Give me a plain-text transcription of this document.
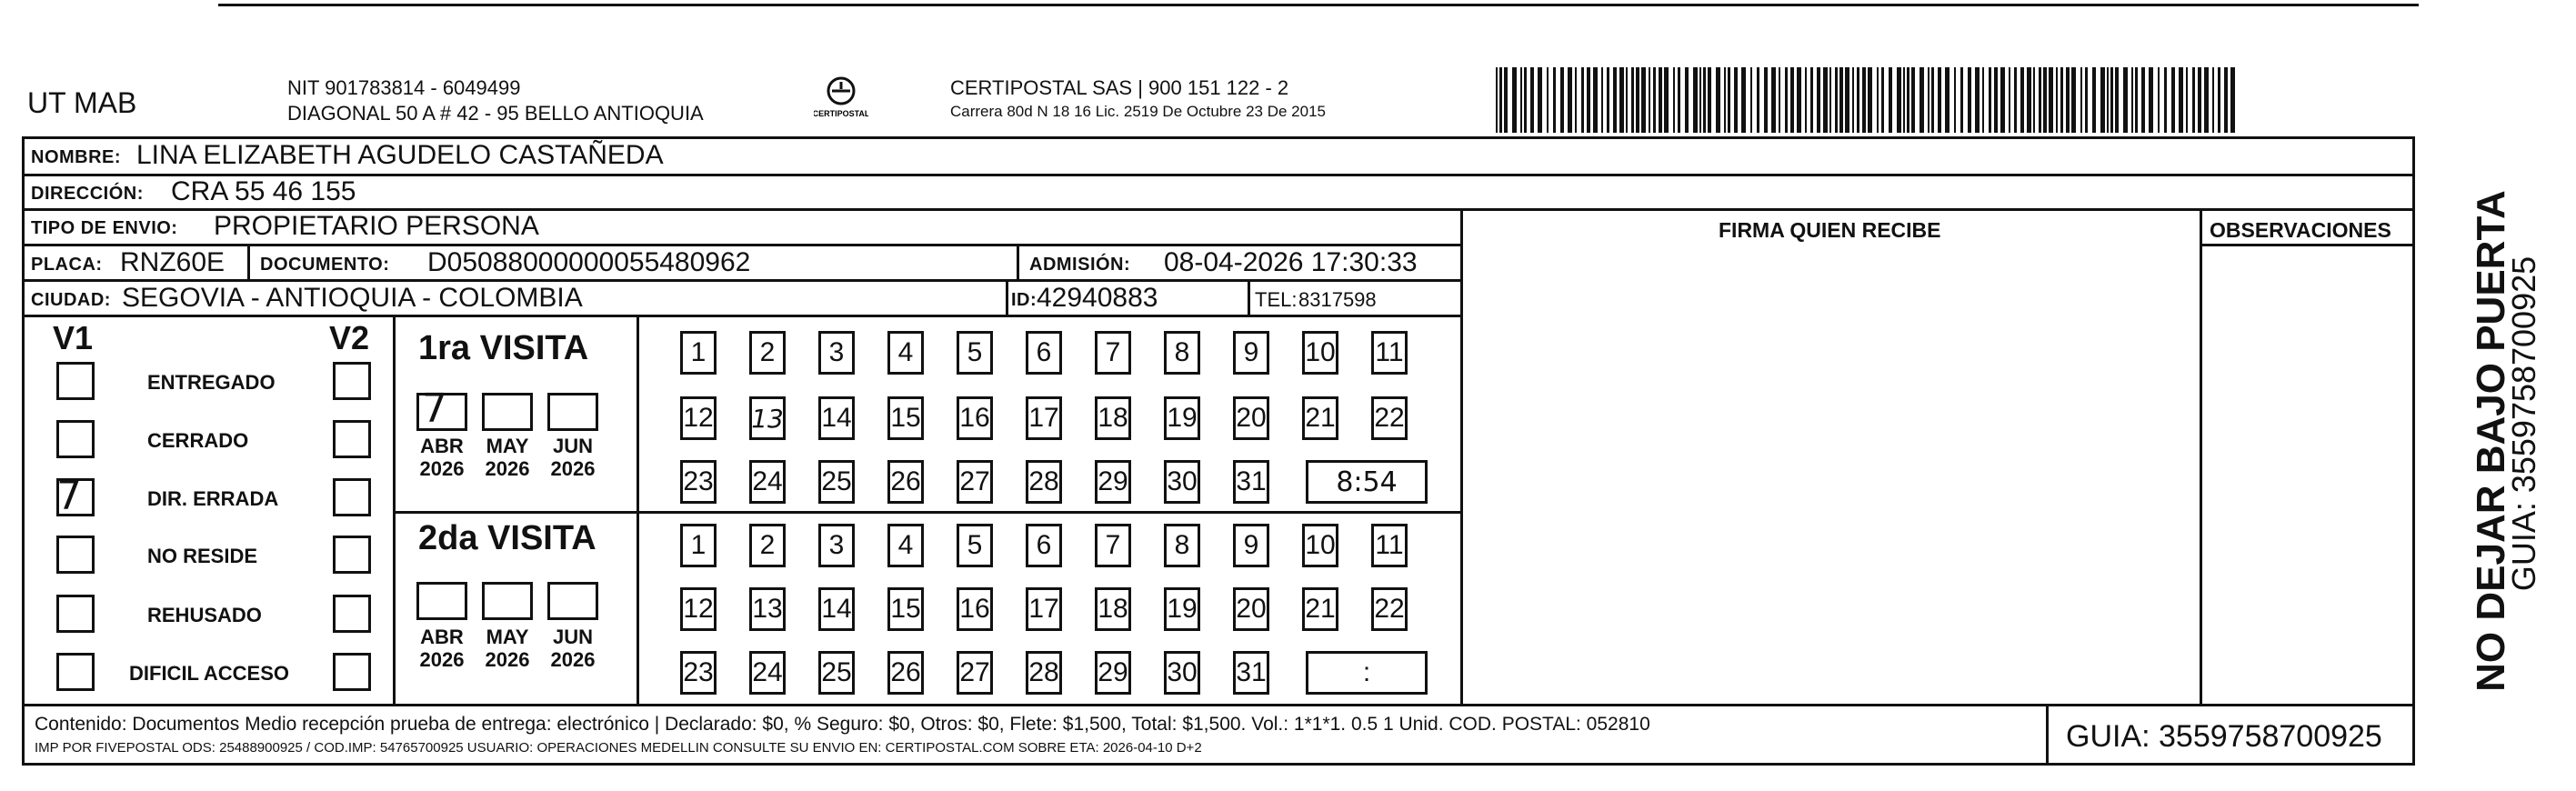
UT MAB	NIT 901783814 - 6049499
DIAGONAL 50 A # 42 - 95 BELLO ANTIOQUIA	CERTIPOSTAL
CERTIPOSTAL SAS | 900 151 122 - 2
Carrera 80d N 18 16 Lic. 2519 De Octubre 23 De 2015
NOMBRE: LINA ELIZABETH AGUDELO CASTAÑEDA
DIRECCIÓN: CRA 55 46 155
TIPO DE ENVIO: PROPIETARIO PERSONA	FIRMA QUIEN RECIBE	OBSERVACIONES
PLACA: RNZ60E DOCUMENTO: D05088000000055480962	ADMISIÓN: 08-04-2026 17:30:33
CIUDAD: SEGOVIA - ANTIOQUIA - COLOMBIA	ID: 42940883	TEL: 8317598
V1	V2
ENTREGADO
CERRADO
7	DIR. ERRADA
NO RESIDE
REHUSADO
DIFICIL ACCESO
1ra VISITA
2da VISITA
7
ABR
2026
MAY
2026
JUN
2026
ABR
2026
MAY
2026
JUN
2026
1	2	3	4	5	6	7	8	9	10 11
12 13 14 15 16 17 18 19 20 21 22
23 24 25 26 27 28 29 30 31	8:54
1	2	3	4	5	6	7	8	9	10 11
12 13 14 15 16 17 18 19 20 21 22
23 24 25 26 27 28 29 30 31	:
Contenido: Documentos Medio recepción prueba de entrega: electrónico | Declarado: $0, % Seguro: $0, Otros: $0, Flete: $1,500, Total: $1,500. Vol.: 1*1*1. 0.5 1 Unid. COD. POSTAL: 052810
IMP POR FIVEPOSTAL ODS: 25488900925 / COD.IMP: 54765700925 USUARIO: OPERACIONES MEDELLIN CONSULTE SU ENVIO EN: CERTIPOSTAL.COM SOBRE ETA: 2026-04-10 D+2	GUIA: 3559758700925
NO DEJAR BAJO PUERTA
GUIA: 3559758700925
